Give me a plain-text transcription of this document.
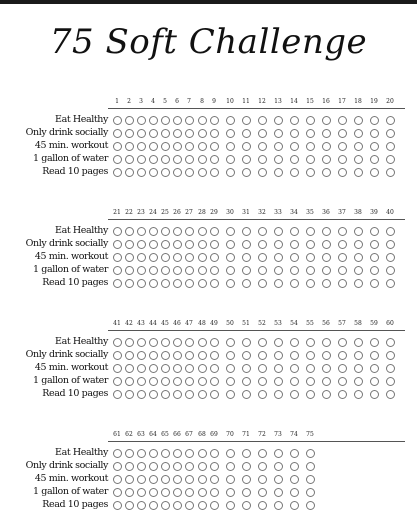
75 Soft Challenge
1	2	3	4	5	6	7	8	9	10	11	12	13	14	15	16	17	18	19	20
Eat Healthy
Only drink socially
45 min. workout
1 gallon of water
Read 10 pages
21 22 23 24 25 26 27 28 29	30	31	32	33	34	35	36	37	38	39	40
Eat Healthy
Only drink socially
45 min. workout
1 gallon of water
Read 10 pages
41 42 43 44 45 46 47 48 49	50	51	52	53	54	55	56	57	58	59	60
Eat Healthy
Only drink socially
45 min. workout
1 gallon of water
Read 10 pages
61 62 63 64 65 66 67 68 69	70	71	72	73	74	75
Eat Healthy
Only drink socially
45 min. workout
1 gallon of water
Read 10 pages
